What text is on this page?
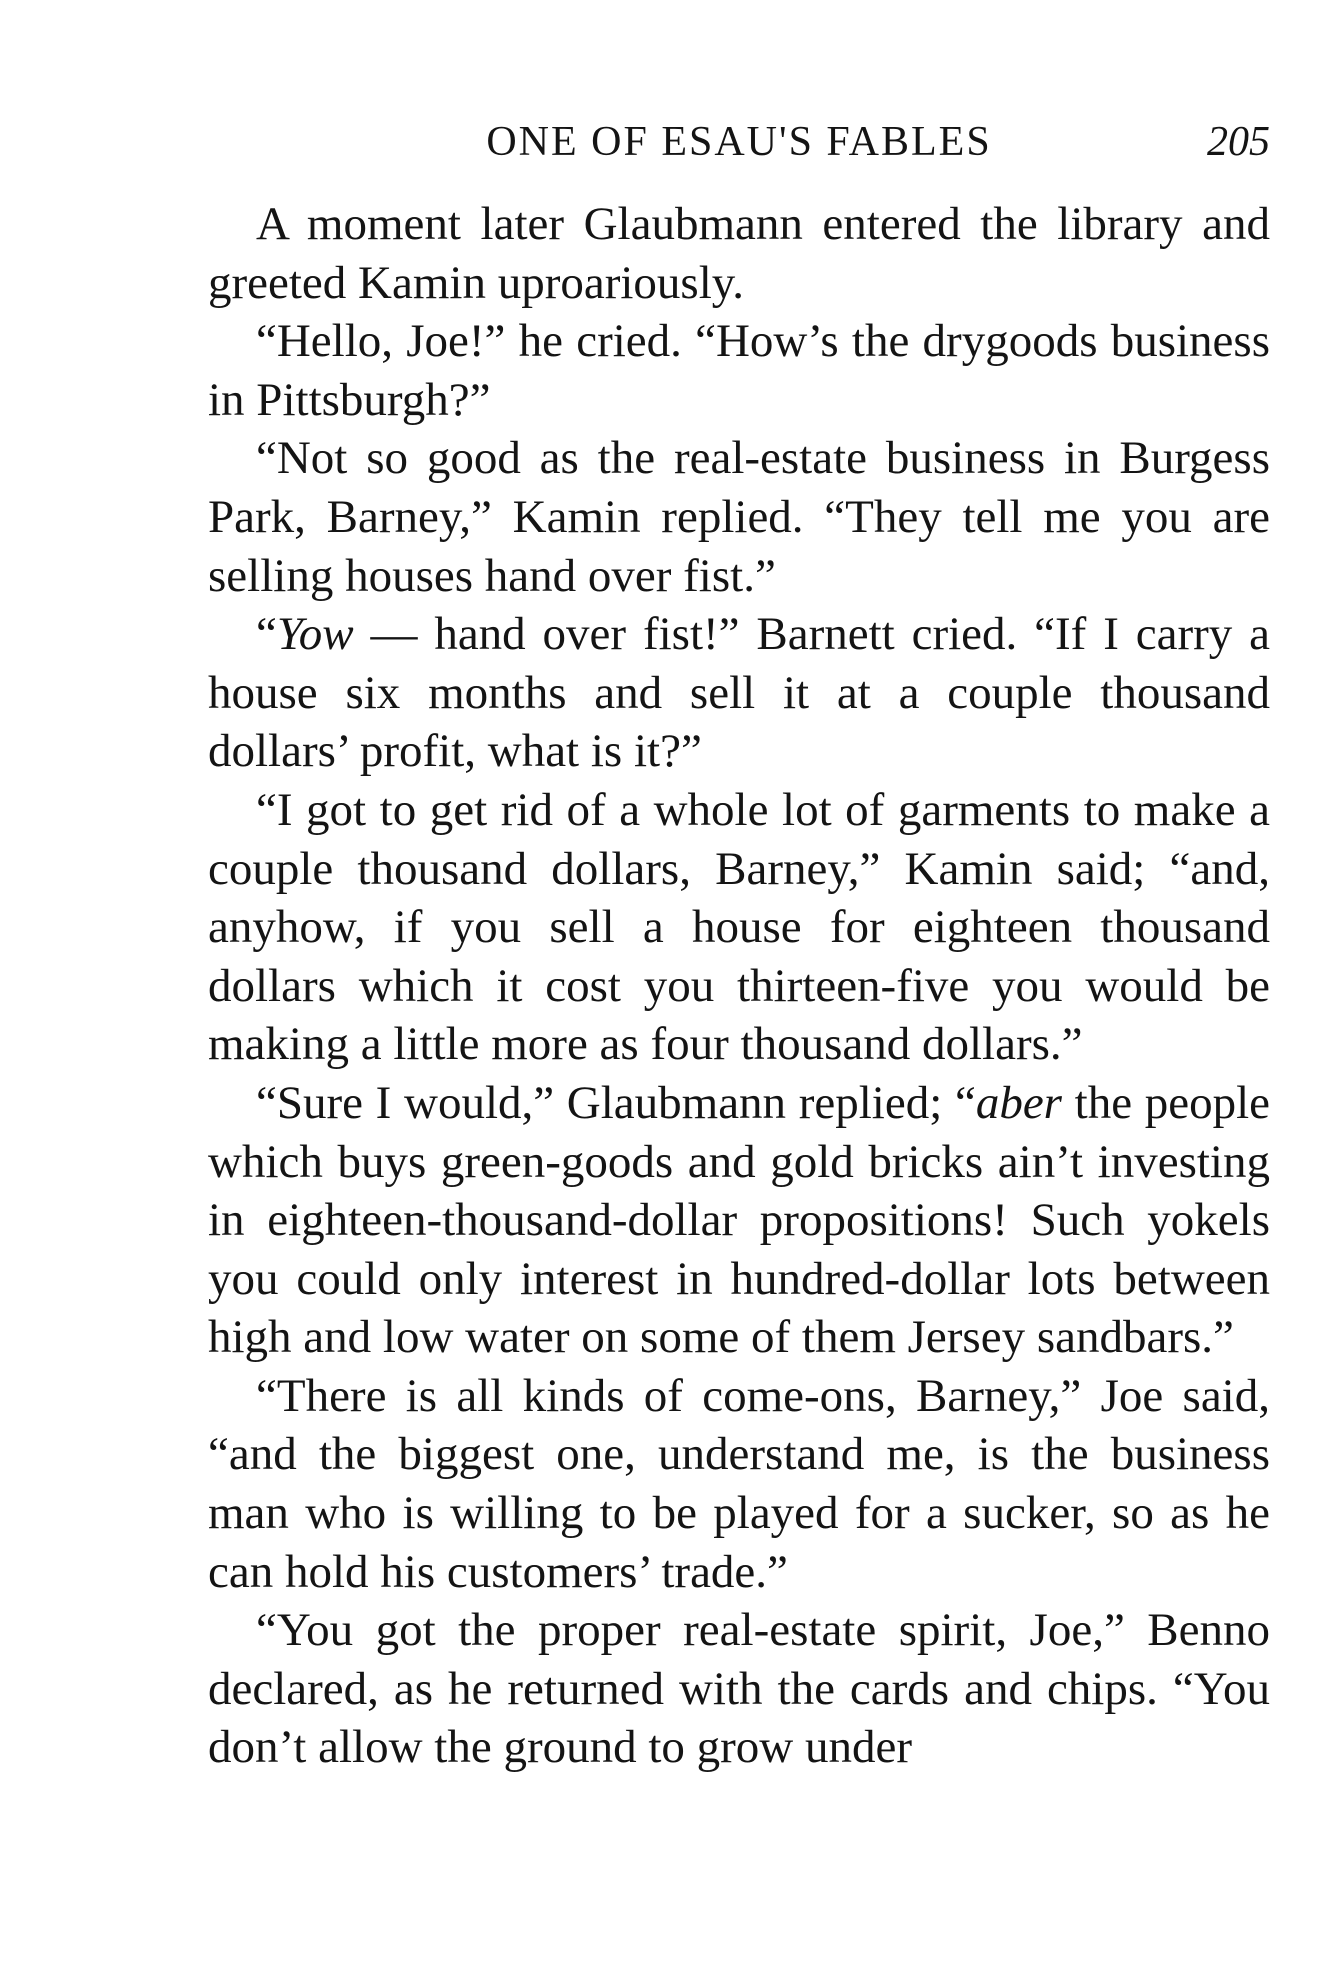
ONE OF ESAU'S FABLES	205

A moment later Glaubmann entered the library and greeted Kamin uproariously.

“Hello, Joe!” he cried. “How’s the drygoods business in Pittsburgh?”

“Not so good as the real-estate business in Burgess Park, Barney,” Kamin replied. “They tell me you are selling houses hand over fist.”

“Yow — hand over fist!” Barnett cried. “If I carry a house six months and sell it at a couple thousand dollars’ profit, what is it?”

“I got to get rid of a whole lot of garments to make a couple thousand dollars, Barney,” Kamin said; “and, anyhow, if you sell a house for eighteen thousand dollars which it cost you thirteen-five you would be making a little more as four thousand dollars.”

“Sure I would,” Glaubmann replied; “aber the people which buys green-goods and gold bricks ain’t investing in eighteen-thousand-dollar propositions! Such yokels you could only interest in hundred-dollar lots between high and low water on some of them Jersey sandbars.”

“There is all kinds of come-ons, Barney,” Joe said, “and the biggest one, understand me, is the business man who is willing to be played for a sucker, so as he can hold his customers’ trade.”

“You got the proper real-estate spirit, Joe,” Benno declared, as he returned with the cards and chips. “You don’t allow the ground to grow under
